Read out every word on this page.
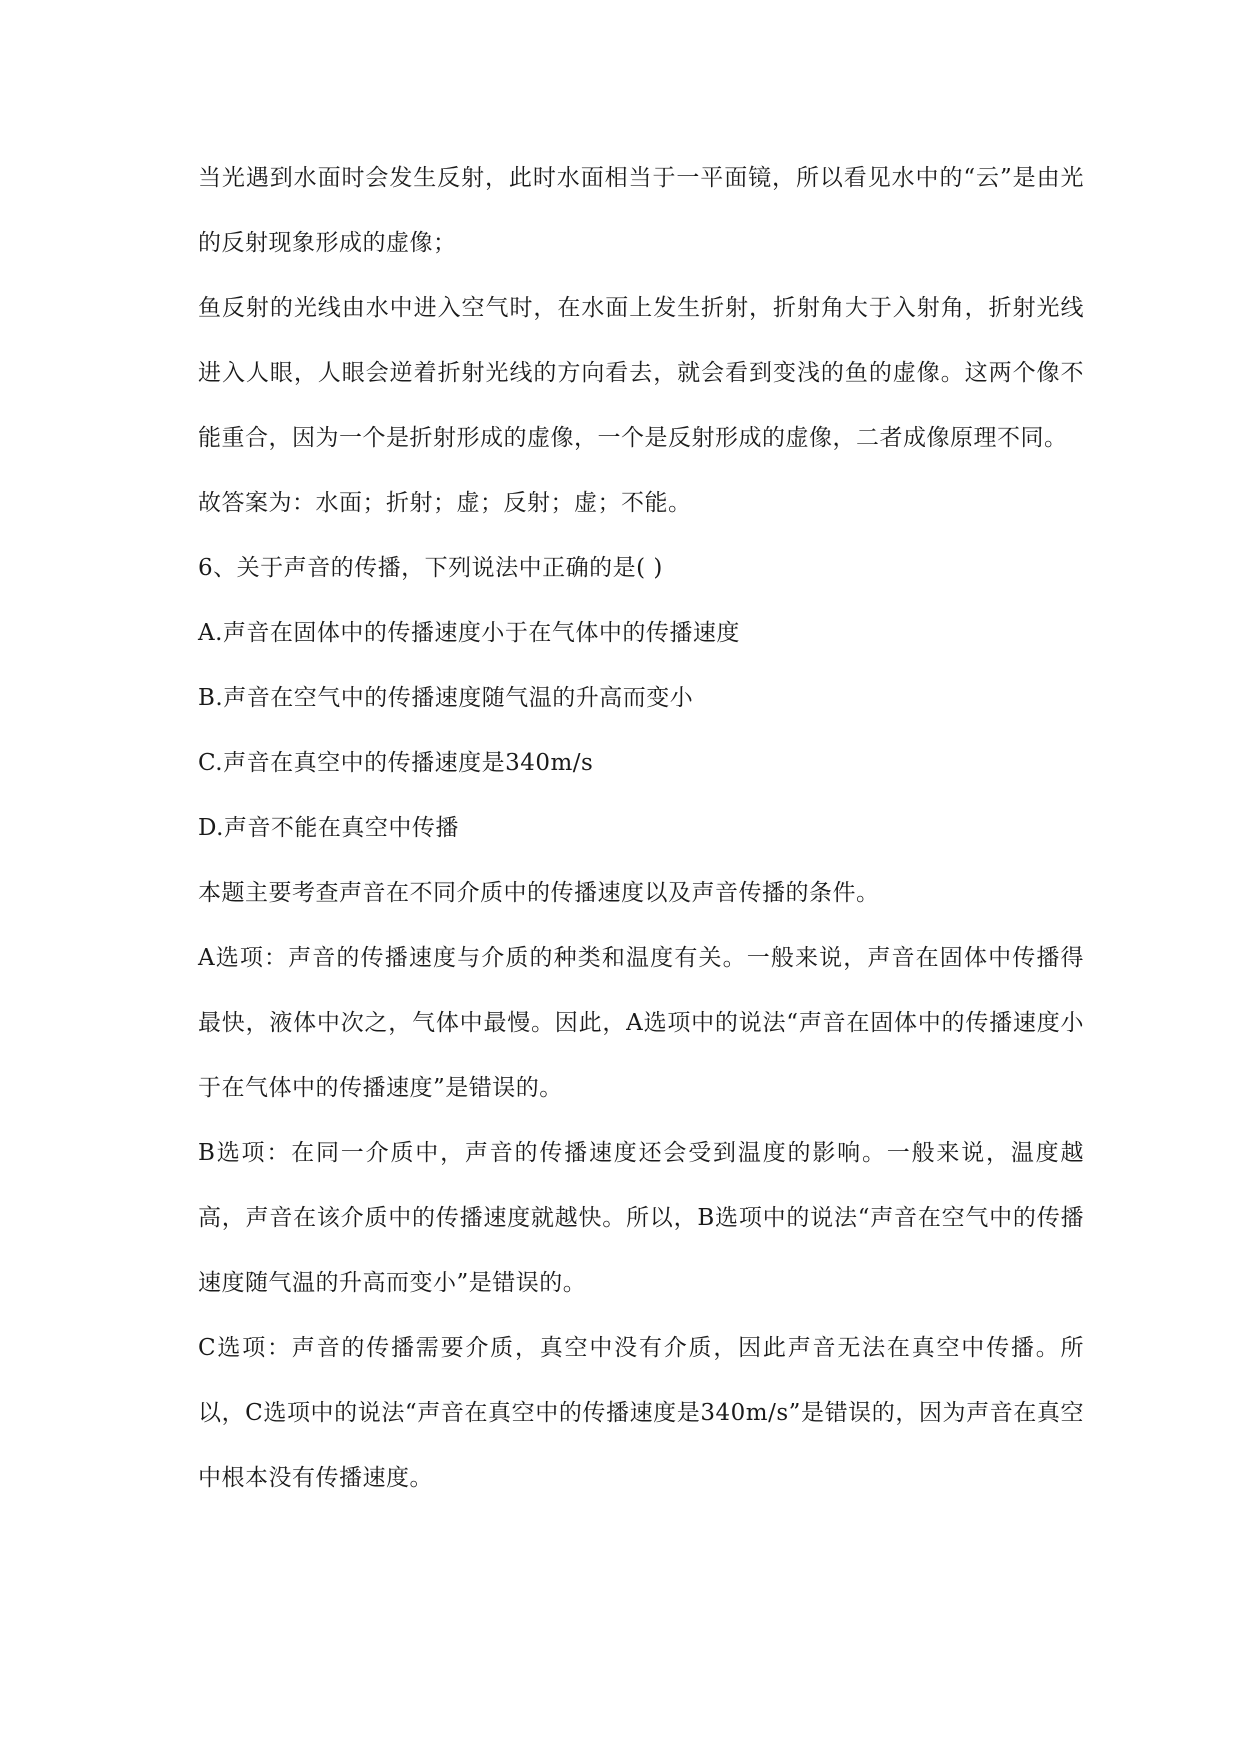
当光遇到水面时会发生反射，此时水面相当于一平面镜，所以看见水中的“云”是由光的反射现象形成的虚像；

鱼反射的光线由水中进入空气时，在水面上发生折射，折射角大于入射角，折射光线进入人眼，人眼会逆着折射光线的方向看去，就会看到变浅的鱼的虚像。这两个像不能重合，因为一个是折射形成的虚像，一个是反射形成的虚像，二者成像原理不同。

故答案为：水面；折射；虚；反射；虚；不能。

6、关于声音的传播，下列说法中正确的是( )

A.声音在固体中的传播速度小于在气体中的传播速度

B.声音在空气中的传播速度随气温的升高而变小

C.声音在真空中的传播速度是340m/s

D.声音不能在真空中传播

本题主要考查声音在不同介质中的传播速度以及声音传播的条件。

A选项：声音的传播速度与介质的种类和温度有关。一般来说，声音在固体中传播得最快，液体中次之，气体中最慢。因此，A选项中的说法“声音在固体中的传播速度小于在气体中的传播速度”是错误的。

B选项：在同一介质中，声音的传播速度还会受到温度的影响。一般来说，温度越高，声音在该介质中的传播速度就越快。所以，B选项中的说法“声音在空气中的传播速度随气温的升高而变小”是错误的。

C选项：声音的传播需要介质，真空中没有介质，因此声音无法在真空中传播。所以，C选项中的说法“声音在真空中的传播速度是340m/s”是错误的，因为声音在真空中根本没有传播速度。
